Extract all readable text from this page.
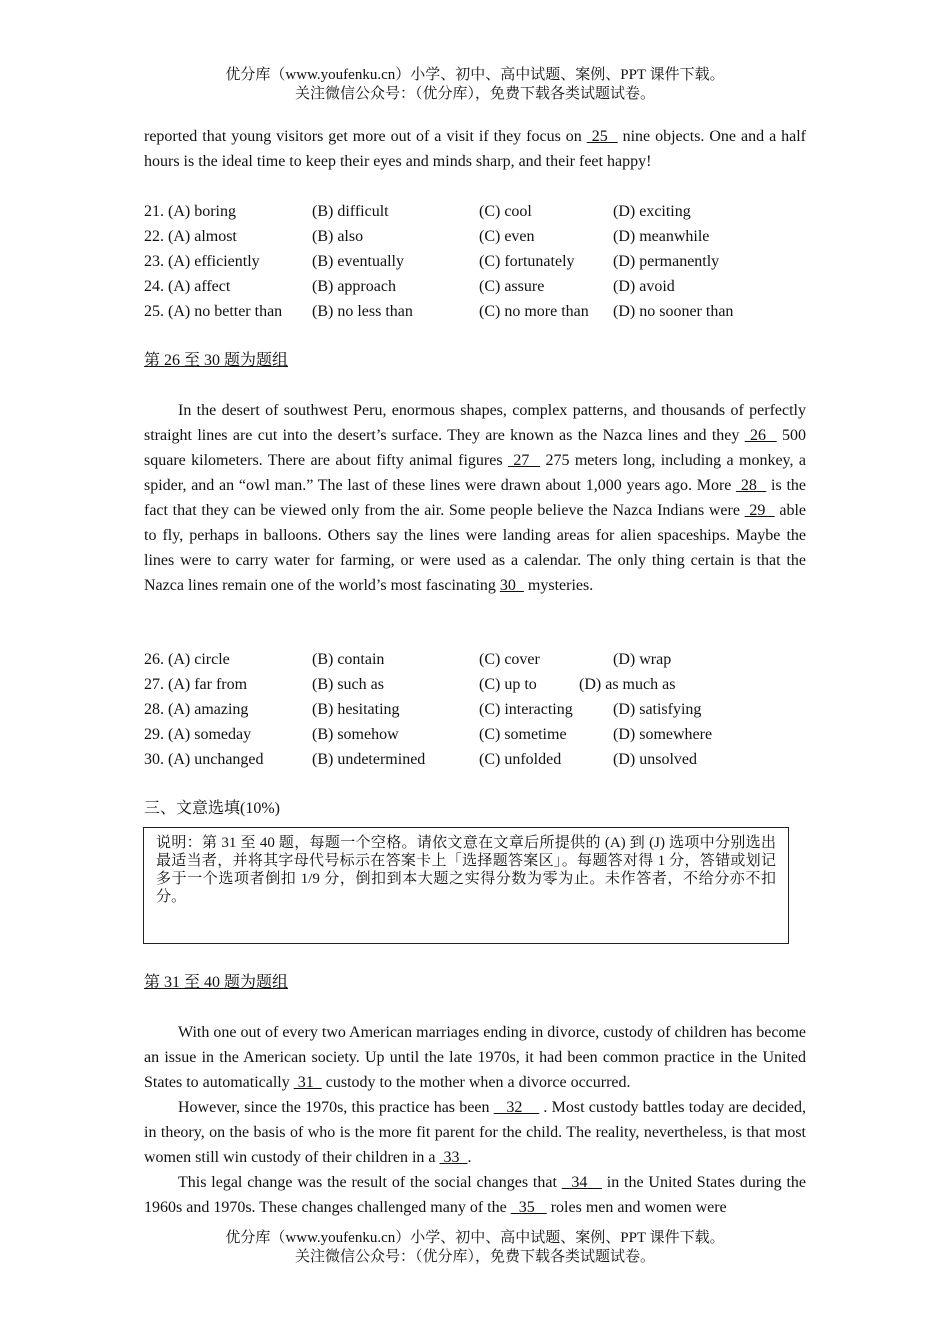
优分库（www.youfenku.cn）小学、初中、高中试题、案例、PPT 课件下载。
关注微信公众号：（优分库），免费下载各类试题试卷。

reported that young visitors get more out of a visit if they focus on  25   nine objects. One and a half hours is the ideal time to keep their eyes and minds sharp, and their feet happy!

21. (A) boring	(B) difficult	(C) cool	(D) exciting
22. (A) almost	(B) also	(C) even	(D) meanwhile
23. (A) efficiently	(B) eventually	(C) fortunately (D) permanently
24. (A) affect	(B) approach	(C) assure	(D) avoid
25. (A) no better than (B) no less than	(C) no more than (D) no sooner than
第 26 至 30 题为题组

In the desert of southwest Peru, enormous shapes, complex patterns, and thousands of perfectly straight lines are cut into the desert’s surface. They are known as the Nazca lines and they  26   500 square kilometers. There are about fifty animal figures  27   275 meters long, including a monkey, a spider, and an “owl man.” The last of these lines were drawn about 1,000 years ago. More  28   is the fact that they can be viewed only from the air. Some people believe the Nazca Indians were  29   able to fly, perhaps in balloons. Others say the lines were landing areas for alien spaceships. Maybe the lines were to carry water for farming, or were used as a calendar. The only thing certain is that the Nazca lines remain one of the world’s most fascinating 30   mysteries.

26. (A) circle	(B) contain	(C) cover	(D) wrap
27. (A) far from	(B) such as	(C) up to	(D) as much as
28. (A) amazing	(B) hesitating	(C) interacting	(D) satisfying
29. (A) someday	(B) somehow	(C) sometime	(D) somewhere
30. (A) unchanged	(B) undetermined	(C) unfolded	(D) unsolved
三、文意选填(10%)
说明：第 31 至 40 题，每题一个空格。请依文意在文章后所提供的 (A) 到 (J) 选项中分别选出最适当者，并将其字母代号标示在答案卡上「选择题答案区」。每题答对得 1 分，答错或划记多于一个选项者倒扣 1/9 分，倒扣到本大题之实得分数为零为止。未作答者，不给分亦不扣分。
第 31 至 40 题为题组

With one out of every two American marriages ending in divorce, custody of children has become an issue in the American society. Up until the late 1970s, it had been common practice in the United States to automatically  31   custody to the mother when a divorce occurred.

However, since the 1970s, this practice has been    32     . Most custody battles today are decided, in theory, on the basis of who is the more fit parent for the child. The reality, nevertheless, is that most women still win custody of their children in a  33  .

This legal change was the result of the social changes that   34    in the United States during the 1960s and 1970s. These changes challenged many of the   35    roles men and women were

优分库（www.youfenku.cn）小学、初中、高中试题、案例、PPT 课件下载。
关注微信公众号：（优分库），免费下载各类试题试卷。
